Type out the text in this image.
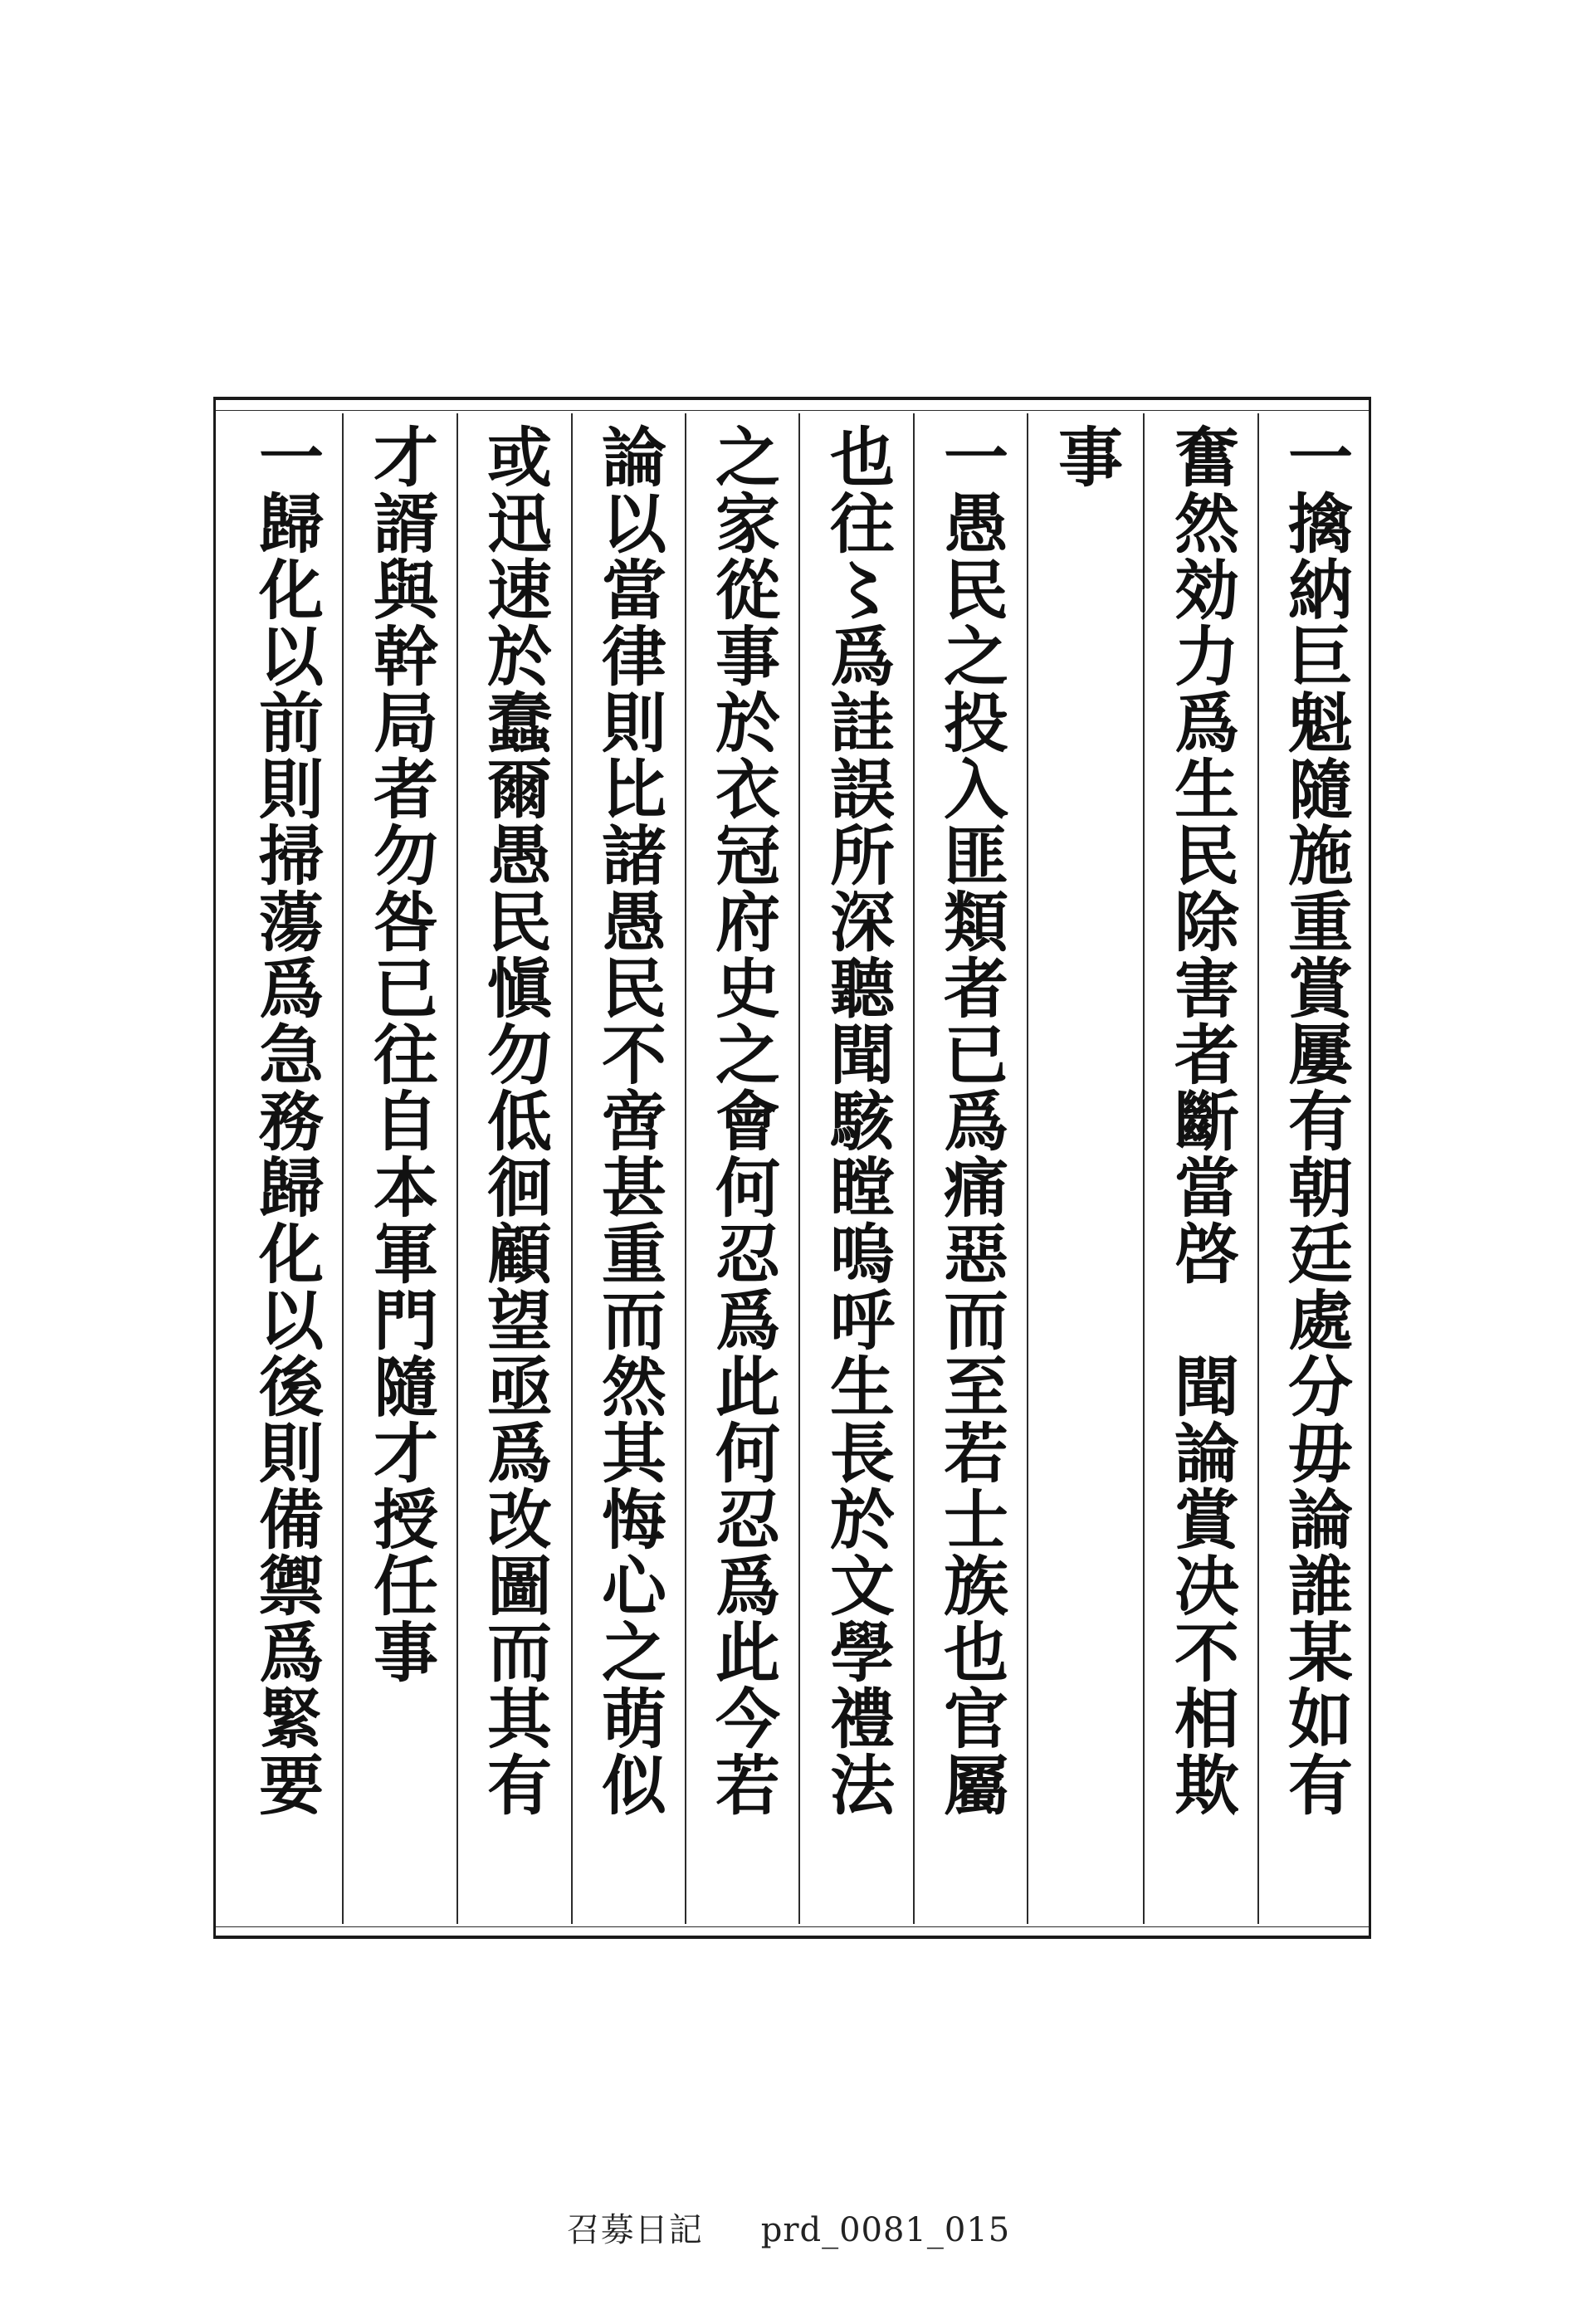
一擒納巨魁隨施重賞屢有朝廷處分毋論誰某如有
奮然効力爲生民除害者斷當啓　聞論賞决不相欺
事
一愚民之投入匪類者已爲痛惡而至若士族也官屬
也往〻爲詿誤所深聽聞駭瞠嗚呼生長於文學禮法
之家從事於衣冠府史之會何忍爲此何忍爲此今若
論以當律則比諸愚民不啻甚重而然其悔心之萌似
或迅速於蠢爾愚民愼勿低徊顧望亟爲改圖而其有
才諝與幹局者勿咎已往自本軍門隨才授任事
一歸化以前則掃蕩爲急務歸化以後則備禦爲緊要
召募日記 prd_0081_015
